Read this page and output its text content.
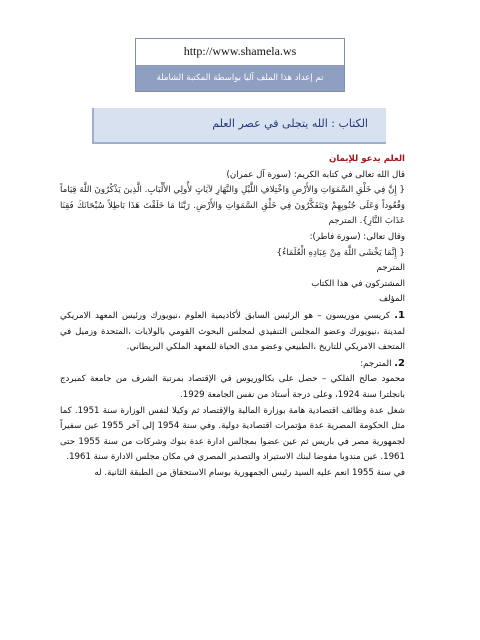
http://www.shamela.ws
تم إعداد هذا الملف آليا بواسطة المكتبة الشاملة
الكتاب : الله يتجلى في عصر العلم

العلم يدعو للإيمان

قال الله تعالى في كتابه الكريم: (سورة آل عمران)

{ إِنَّ فِي خَلْقِ السَّمَوَاتِ وَالأَرْضِ وَاخْتِلافِ اللَّيْلِ وَالنَّهَارِ لآيَاتٍ لأُولِي الأَلْبَابِ. الَّذِينَ يَذْكُرُونَ اللَّهَ قِيَاماً وَقُعُوداً وَعَلَى جُنُوبِهِمْ وَيَتَفَكَّرُونَ فِي خَلْقِ السَّمَوَاتِ وَالأَرْضِ. رَبَّنَا مَا خَلَقْتَ هَذَا بَاطِلاً سُبْحَانَكَ فَقِنَا عَذَابَ النَّارِ}. المترجم

وقال تعالى: (سورة فاطر):

{ إِنَّمَا يَخْشَى اللَّهَ مِنْ عِبَادِهِ الْعُلَمَاءُ}

المترجم

المشتركون في هذا الكتاب

المؤلف

1. كريسي موريسون – هو الرئيس السابق لأكاديمية العلوم ،نيويورك ورئيس المعهد الامريكي لمدينة ،نيويورك وعضو المجلس التنفيذي لمجلس البحوث القومي بالولايات ،المتحدة وزميل في المتحف الامريكي للتاريخ ،الطبيعي وعضو مدى الحياة للمعهد الملكي البريطاني.

2. المترجم:

محمود صالح الفلكي – حصل على بكالوريوس في الإقتصاد بمرتبة الشرف من جامعة كمبردج بانجلترا سنة 1924، وعلى درجة أستاذ من نفس الجامعة 1929.

شغل عدة وظائف اقتصادية هامة بوزارة المالية والإقتصاد ثم وكيلا لنفس الوزارة سنة 1951. كما مثل الحكومة المصرية عدة مؤتمرات اقتصادية دولية. وفي سنة 1954 إلى آخر 1955 عين سفيراً لجمهورية مصر في باريس ثم عين عضوا بمجالس ادارة عدة بنوك وشركات من سنة 1955 حتى 1961. عين مندوبا مفوضا لبنك الاستيراد والتصدير المصري في مكان مجلس الادارة سنة 1961.

في سنة 1955 انعم عليه السيد رئيس الجمهورية بوسام الاستحقاق من الطبقة الثانية. له
